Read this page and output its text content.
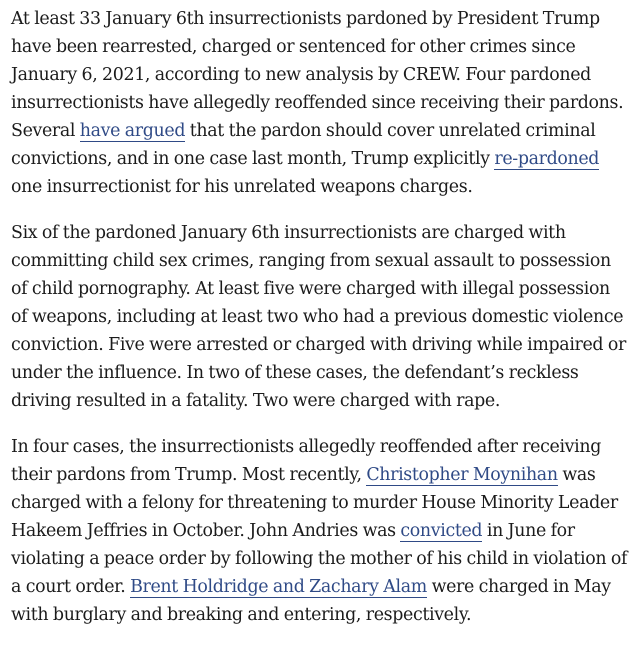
At least 33 January 6th insurrectionists pardoned by President Trump have been rearrested, charged or sentenced for other crimes since January 6, 2021, according to new analysis by CREW. Four pardoned insurrectionists have allegedly reoffended since receiving their pardons. Several have argued that the pardon should cover unrelated criminal convictions, and in one case last month, Trump explicitly re-pardoned one insurrectionist for his unrelated weapons charges.

Six of the pardoned January 6th insurrectionists are charged with committing child sex crimes, ranging from sexual assault to possession of child pornography. At least five were charged with illegal possession of weapons, including at least two who had a previous domestic violence conviction. Five were arrested or charged with driving while impaired or under the influence. In two of these cases, the defendant’s reckless driving resulted in a fatality. Two were charged with rape.

In four cases, the insurrectionists allegedly reoffended after receiving their pardons from Trump. Most recently, Christopher Moynihan was charged with a felony for threatening to murder House Minority Leader Hakeem Jeffries in October. John Andries was convicted in June for violating a peace order by following the mother of his child in violation of a court order. Brent Holdridge and Zachary Alam were charged in May with burglary and breaking and entering, respectively.
